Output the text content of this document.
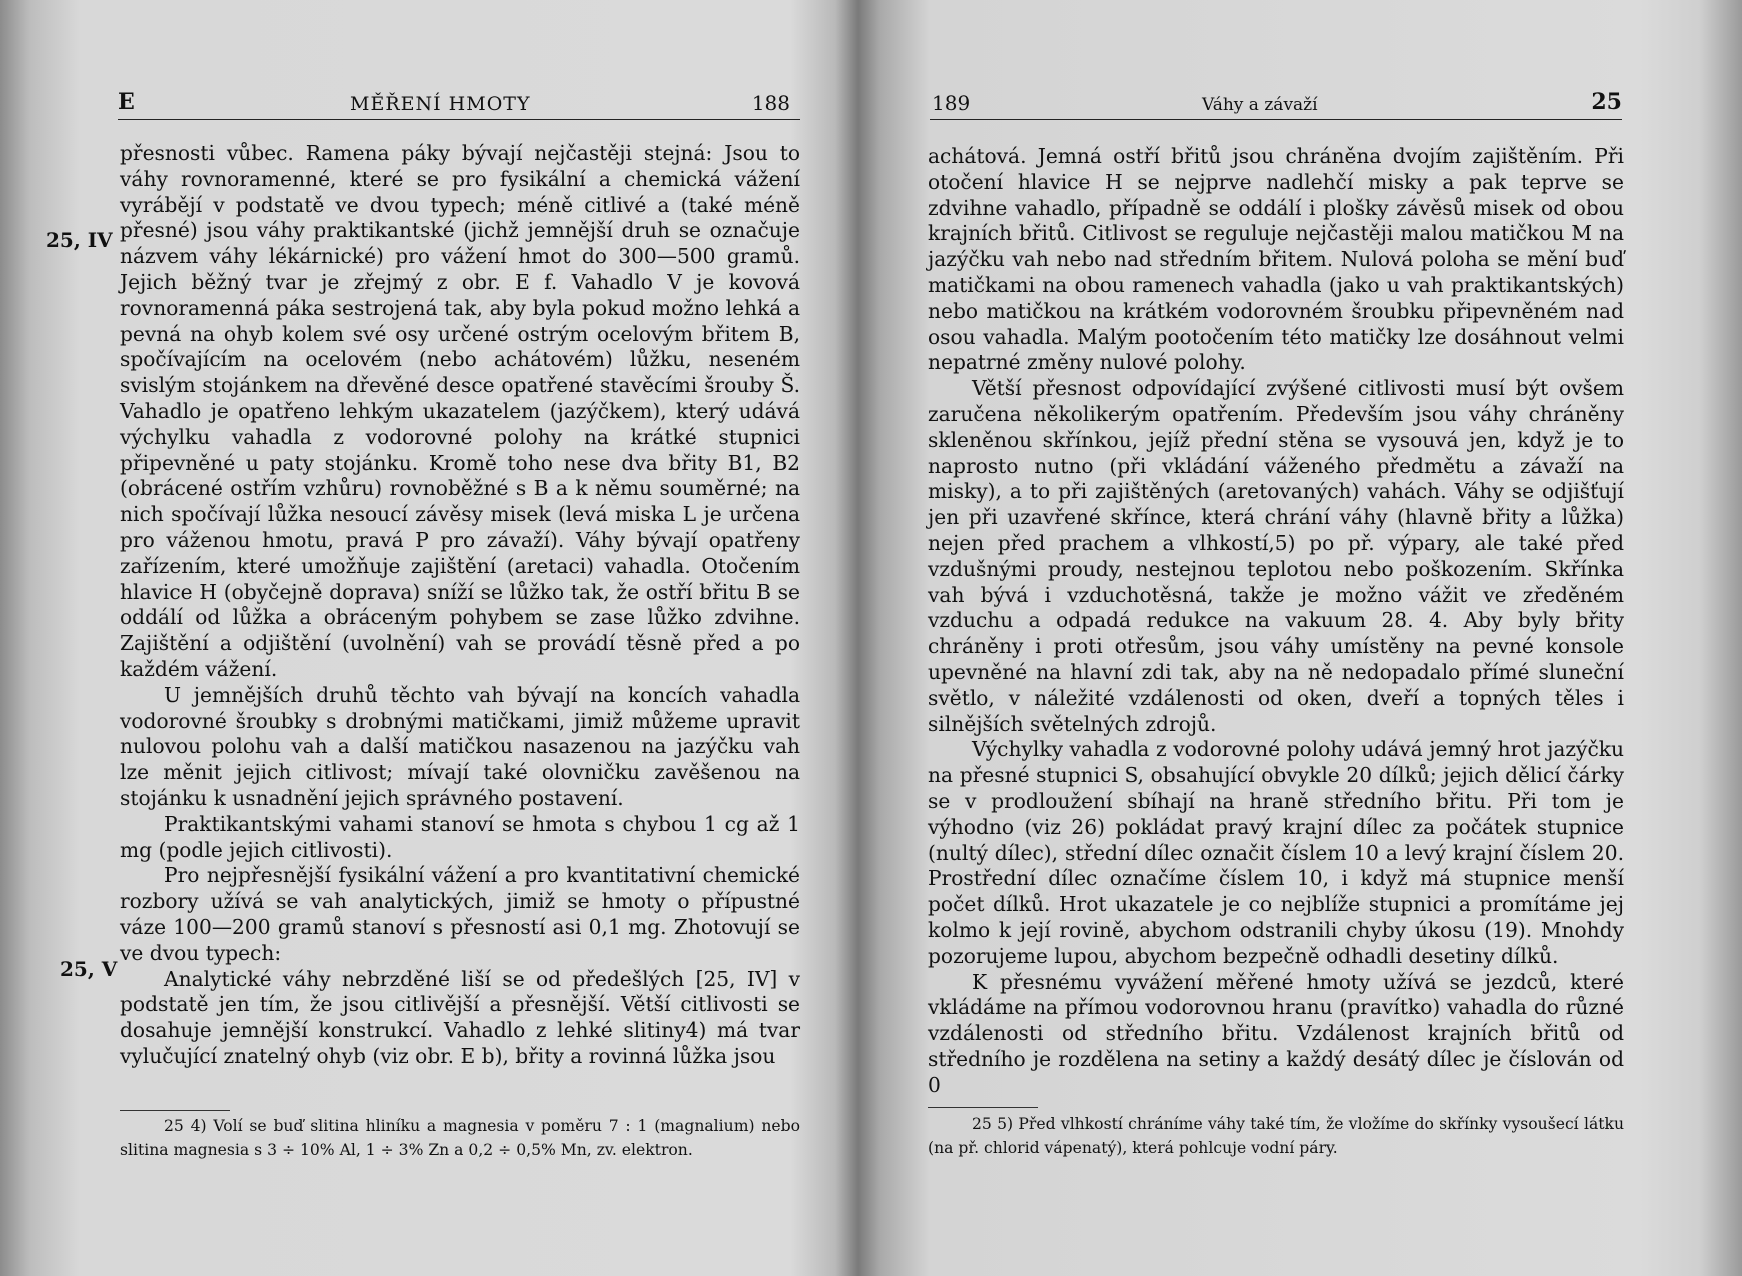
E	MĚŘENÍ HMOTY	188
25, IV
25, V

přesnosti vůbec. Ramena páky bývají nejčastěji stejná: Jsou to váhy rovnoramenné, které se pro fysikální a chemická vážení vyrábějí v podstatě ve dvou typech; méně citlivé a (také méně přesné) jsou váhy praktikantské (jichž jemnější druh se označuje názvem váhy lékárnické) pro vážení hmot do 300—500 gramů. Jejich běžný tvar je zřejmý z obr. E f. Vahadlo V je kovová rovnoramenná páka sestrojená tak, aby byla pokud možno lehká a pevná na ohyb kolem své osy určené ostrým ocelovým břitem B, spočívajícím na ocelovém (nebo achátovém) lůžku, neseném svislým stojánkem na dřevěné desce opatřené stavěcími šrouby Š. Vahadlo je opatřeno lehkým ukazatelem (jazýčkem), který udává výchylku vahadla z vodorovné polohy na krátké stupnici připevněné u paty stojánku. Kromě toho nese dva břity B1, B2 (obrácené ostřím vzhůru) rovnoběžné s B a k němu souměrné; na nich spočívají lůžka nesoucí závěsy misek (levá miska L je určena pro váženou hmotu, pravá P pro závaží). Váhy bývají opatřeny zařízením, které umožňuje zajištění (aretaci) vahadla. Otočením hlavice H (obyčejně doprava) sníží se lůžko tak, že ostří břitu B se oddálí od lůžka a obráceným pohybem se zase lůžko zdvihne. Zajištění a odjištění (uvolnění) vah se provádí těsně před a po každém vážení.

U jemnějších druhů těchto vah bývají na koncích vahadla vodorovné šroubky s drobnými matičkami, jimiž můžeme upravit nulovou polohu vah a další matičkou nasazenou na jazýčku vah lze měnit jejich citlivost; mívají také olovničku zavěšenou na stojánku k usnadnění jejich správného postavení.

Praktikantskými vahami stanoví se hmota s chybou 1 cg až 1 mg (podle jejich citlivosti).

Pro nejpřesnější fysikální vážení a pro kvantitativní chemické rozbory užívá se vah analytických, jimiž se hmoty o přípustné váze 100—200 gramů stanoví s přesností asi 0,1 mg. Zhotovují se ve dvou typech:

Analytické váhy nebrzděné liší se od předešlých [25, IV] v podstatě jen tím, že jsou citlivější a přesnější. Větší citlivosti se dosahuje jemnější konstrukcí. Vahadlo z lehké slitiny4) má tvar vylučující znatelný ohyb (viz obr. E b), břity a rovinná lůžka jsou

25 4) Volí se buď slitina hliníku a magnesia v poměru 7 : 1 (magnalium) nebo slitina magnesia s 3 ÷ 10% Al, 1 ÷ 3% Zn a 0,2 ÷ 0,5% Mn, zv. elektron.

189	Váhy a závaží	25

achátová. Jemná ostří břitů jsou chráněna dvojím zajištěním. Při otočení hlavice H se nejprve nadlehčí misky a pak teprve se zdvihne vahadlo, případně se oddálí i plošky závěsů misek od obou krajních břitů. Citlivost se reguluje nejčastěji malou matičkou M na jazýčku vah nebo nad středním břitem. Nulová poloha se mění buď matičkami na obou ramenech vahadla (jako u vah praktikantských) nebo matičkou na krátkém vodorovném šroubku připevněném nad osou vahadla. Malým pootočením této matičky lze dosáhnout velmi nepatrné změny nulové polohy.

Větší přesnost odpovídající zvýšené citlivosti musí být ovšem zaručena několikerým opatřením. Především jsou váhy chráněny skleněnou skřínkou, jejíž přední stěna se vysouvá jen, když je to naprosto nutno (při vkládání váženého předmětu a závaží na misky), a to při zajištěných (aretovaných) vahách. Váhy se odjišťují jen při uzavřené skřínce, která chrání váhy (hlavně břity a lůžka) nejen před prachem a vlhkostí,5) po př. výpary, ale také před vzdušnými proudy, nestejnou teplotou nebo poškozením. Skřínka vah bývá i vzduchotěsná, takže je možno vážit ve zředěném vzduchu a odpadá redukce na vakuum 28. 4. Aby byly břity chráněny i proti otřesům, jsou váhy umístěny na pevné konsole upevněné na hlavní zdi tak, aby na ně nedopadalo přímé sluneční světlo, v náležité vzdálenosti od oken, dveří a topných těles i silnějších světelných zdrojů.

Výchylky vahadla z vodorovné polohy udává jemný hrot jazýčku na přesné stupnici S, obsahující obvykle 20 dílků; jejich dělicí čárky se v prodloužení sbíhají na hraně středního břitu. Při tom je výhodno (viz 26) pokládat pravý krajní dílec za počátek stupnice (nultý dílec), střední dílec označit číslem 10 a levý krajní číslem 20. Prostřední dílec označíme číslem 10, i když má stupnice menší počet dílků. Hrot ukazatele je co nejblíže stupnici a promítáme jej kolmo k její rovině, abychom odstranili chyby úkosu (19). Mnohdy pozorujeme lupou, abychom bezpečně odhadli desetiny dílků.

K přesnému vyvážení měřené hmoty užívá se jezdců, které vkládáme na přímou vodorovnou hranu (pravítko) vahadla do různé vzdálenosti od středního břitu. Vzdálenost krajních břitů od středního je rozdělena na setiny a každý desátý dílec je číslován od 0

25 5) Před vlhkostí chráníme váhy také tím, že vložíme do skřínky vysoušecí látku (na př. chlorid vápenatý), která pohlcuje vodní páry.
